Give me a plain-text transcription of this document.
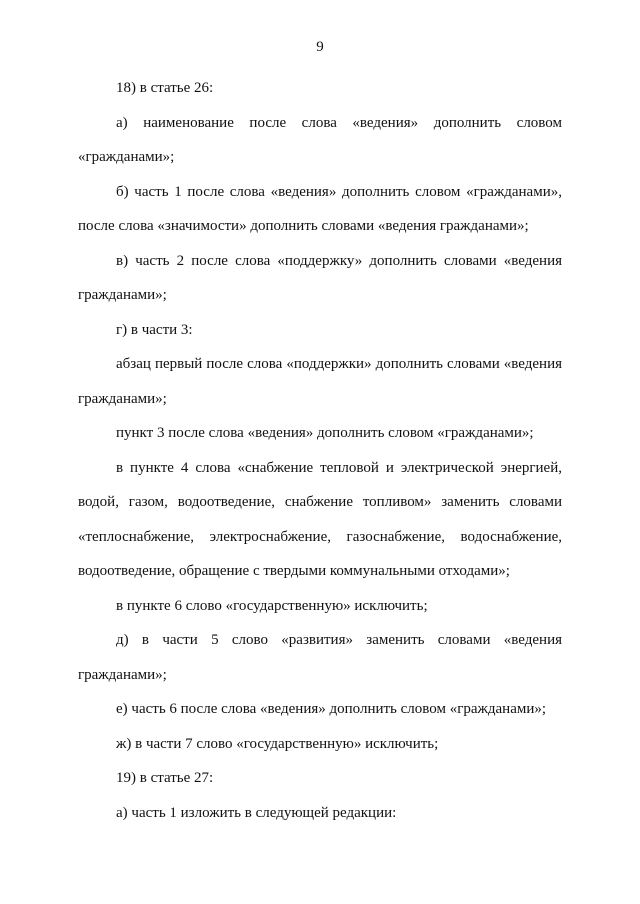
9
18) в статье 26:
а) наименование после слова «ведения» дополнить словом
«гражданами»;
б) часть 1 после слова «ведения» дополнить словом «гражданами»,
после слова «значимости» дополнить словами «ведения гражданами»;
в) часть 2 после слова «поддержку» дополнить словами «ведения
гражданами»;
г) в части 3:
абзац первый после слова «поддержки» дополнить словами «ведения
гражданами»;
пункт 3 после слова «ведения» дополнить словом «гражданами»;
в пункте 4 слова «снабжение тепловой и электрической энергией,
водой, газом, водоотведение, снабжение топливом» заменить словами
«теплоснабжение, электроснабжение, газоснабжение, водоснабжение,
водоотведение, обращение с твердыми коммунальными отходами»;
в пункте 6 слово «государственную» исключить;
д) в части 5 слово «развития» заменить словами «ведения
гражданами»;
е) часть 6 после слова «ведения» дополнить словом «гражданами»;
ж) в части 7 слово «государственную» исключить;
19) в статье 27:
а) часть 1 изложить в следующей редакции:
